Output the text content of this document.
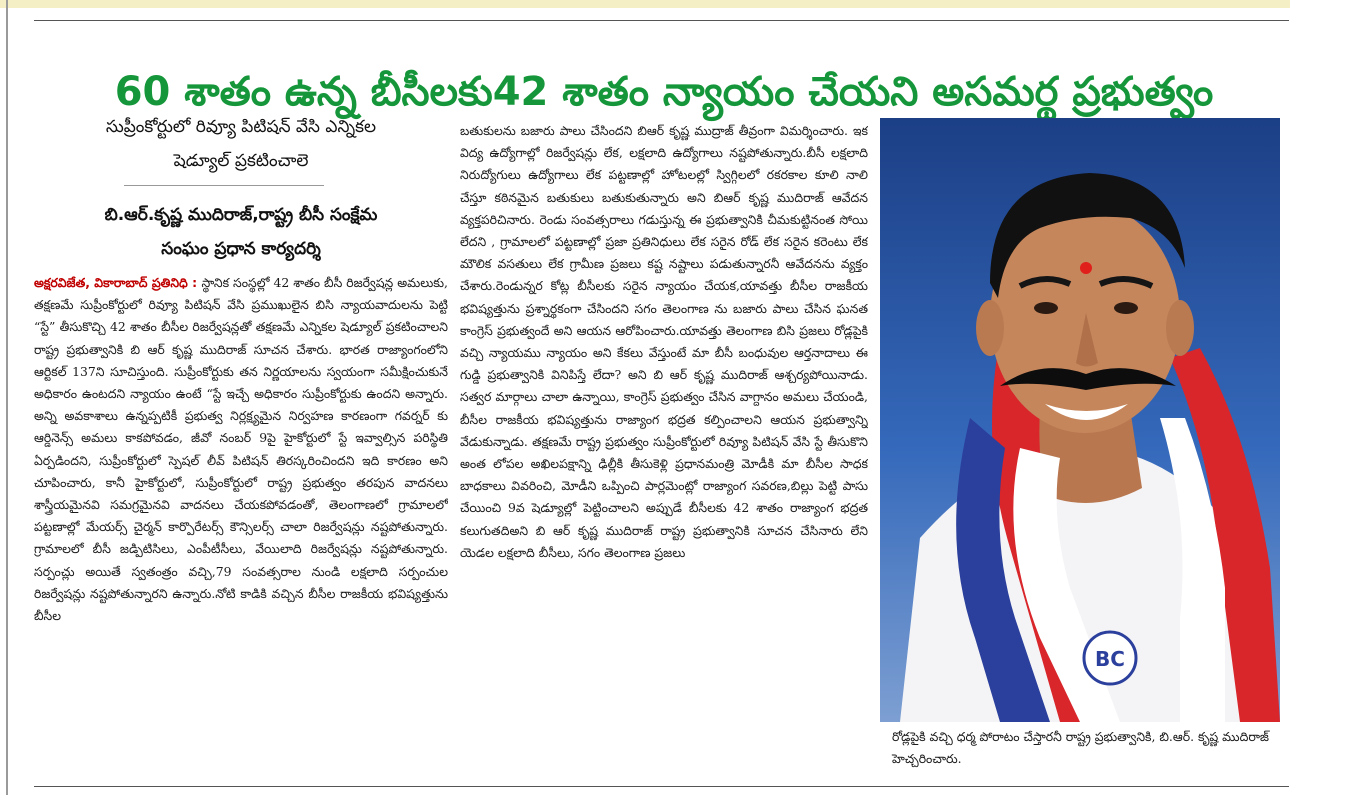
60 శాతం ఉన్న బీసీలకు42 శాతం న్యాయం చేయని అసమర్థ ప్రభుత్వం
సుప్రీంకోర్టులో రివ్యూ పిటిషన్ వేసి ఎన్నికల
షెడ్యూల్ ప్రకటించాలె
బి.ఆర్.కృష్ణ ముదిరాజ్,రాష్ట్ర బీసీ సంక్షేమ
సంఘం ప్రధాన కార్యదర్శి
అక్షరవిజేత, వికారాబాద్ ప్రతినిధి : స్థానిక సంస్థల్లో 42 శాతం బీసీ రిజర్వేషన్ల అమలుకు, తక్షణమే సుప్రీంకోర్టులో రివ్యూ పిటిషన్ వేసి ప్రముఖులైన బిసి న్యాయవాదులను పెట్టి “స్టే” తీసుకొచ్చి 42 శాతం బీసీల రిజర్వేషన్లతో తక్షణమే ఎన్నికల షెడ్యూల్ ప్రకటించాలని రాష్ట్ర ప్రభుత్వానికి బి ఆర్ కృష్ణ ముదిరాజ్ సూచన చేశారు. భారత రాజ్యాంగంలోని ఆర్టికల్ 137ని సూచిస్తుంది. సుప్రీంకోర్టుకు తన నిర్ణయాలను స్వయంగా సమీక్షించుకునే అధికారం ఉంటదని న్యాయం ఉంటే “స్టే ఇచ్చే అధికారం సుప్రీంకోర్టుకు ఉందని అన్నారు. అన్ని అవకాశాలు ఉన్నప్పటికీ ప్రభుత్వ నిర్లక్ష్యమైన నిర్వహణ కారణంగా గవర్నర్ కు ఆర్డినెన్స్ అమలు కాకపోవడం, జీవో నంబర్ 9పై హైకోర్టులో స్టే ఇవ్వాల్సిన పరిస్థితి ఏర్పడిందని, సుప్రీంకోర్టులో స్పెషల్ లీవ్ పిటిషన్ తిరస్కరించిందని ఇది కారణం అని చూపించారు, కానీ హైకోర్టులో, సుప్రీంకోర్టులో రాష్ట్ర ప్రభుత్వం తరపున వాదనలు శాస్త్రీయమైనవి సమగ్రమైనవి వాదనలు చేయకపోవడంతో, తెలంగాణలో గ్రామాలలో పట్టణాల్లో మేయర్స్ చైర్మన్ కార్పొరేటర్స్ కౌన్సిలర్స్ చాలా రిజర్వేషన్లు నష్టపోతున్నారు. గ్రామాలలో బీసీ జడ్పిటిసిలు, ఎంపీటీసీలు, వేయిలాది రిజర్వేషన్లు నష్టపోతున్నారు. సర్పంచ్లు అయితే స్వతంత్రం వచ్చి,79 సంవత్సరాల నుండి లక్షలాది సర్పంచుల రిజర్వేషన్లు నష్టపోతున్నారని ఉన్నారు.నోటి కాడికి వచ్చిన బీసీల రాజకీయ భవిష్యత్తును బీసీల
బతుకులను బజారు పాలు చేసిందని బిఆర్ కృష్ణ ముద్రాజ్ తీవ్రంగా విమర్శించారు. ఇక విద్య ఉద్యోగాల్లో రిజర్వేషన్లు లేక, లక్షలాది ఉద్యోగాలు నష్టపోతున్నారు.బీసీ లక్షలాది నిరుద్యోగులు ఉద్యోగాలు లేక పట్టణాల్లో హోటలల్లో స్విగ్గిలలో రకరకాల కూలి నాలి చేస్తూ కఠినమైన బతుకులు బతుకుతున్నారు అని బిఆర్ కృష్ణ ముదిరాజ్ ఆవేదన వ్యక్తపరిచినారు. రెండు సంవత్సరాలు గడుస్తున్న ఈ ప్రభుత్వానికి చీమకుట్టినంత సోయి లేదని , గ్రామాలలో పట్టణాల్లో ప్రజా ప్రతినిధులు లేక సరైన రోడ్ లేక సరైన కరెంటు లేక మౌలిక వసతులు లేక గ్రామీణ ప్రజలు కష్ట నష్టాలు పడుతున్నారనీ ఆవేదనను వ్యక్తం చేశారు.రెండున్నర కోట్ల బీసీలకు సరైన న్యాయం చేయక,యావత్తు బీసీల రాజకీయ భవిష్యత్తును ప్రశ్నార్థకంగా చేసిందని సగం తెలంగాణ ను బజారు పాలు చేసిన ఘనత కాంగ్రెస్ ప్రభుత్వందే అని ఆయన ఆరోపించారు.యావత్తు తెలంగాణ బిసి ప్రజలు రోడ్లపైకి వచ్చి న్యాయము న్యాయం అని కేకలు వేస్తుంటే మా బీసీ బంధువుల ఆర్తనాదాలు ఈ గుడ్డి ప్రభుత్వానికి వినిపిస్తే లేదా? అని బి ఆర్ కృష్ణ ముదిరాజ్ ఆశ్చర్యపోయినాడు. సత్వర మార్గాలు చాలా ఉన్నాయి, కాంగ్రెస్ ప్రభుత్వం చేసిన వాగ్దానం అమలు చేయండి, బీసీల రాజకీయ భవిష్యత్తును రాజ్యాంగ భద్రత కల్పించాలని ఆయన ప్రభుత్వాన్ని వేడుకున్నాడు. తక్షణమే రాష్ట్ర ప్రభుత్వం సుప్రీంకోర్టులో రివ్యూ పిటిషన్ వేసి స్టే తీసుకొని అంత లోపల అఖిలపక్షాన్ని ఢిల్లీకి తీసుకెళ్లి ప్రధానమంత్రి మోడీకి మా బీసీల సాధక బాధకాలు వివరించి, మోడీని ఒప్పించి పార్లమెంట్లో రాజ్యాంగ సవరణ,బిల్లు పెట్టి పాసు చేయించి 9వ షెడ్యూల్లో పెట్టించాలని అప్పుడే బీసీలకు 42 శాతం రాజ్యాంగ భద్రత కలుగుతదిఅని బి ఆర్ కృష్ణ ముదిరాజ్ రాష్ట్ర ప్రభుత్వానికి సూచన చేసినారు లేని యెడల లక్షలాది బీసీలు, సగం తెలంగాణ ప్రజలు
BC
రోడ్లపైకి వచ్చి ధర్మ పోరాటం చేస్తారనీ రాష్ట్ర ప్రభుత్వానికి, బి.ఆర్. కృష్ణ ముదిరాజ్ హెచ్చరించారు.
